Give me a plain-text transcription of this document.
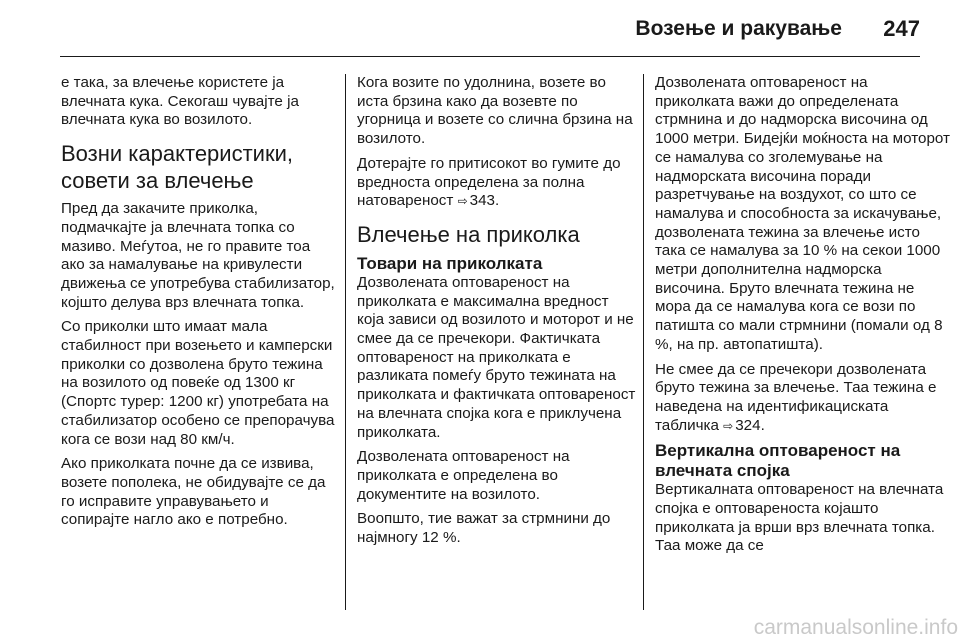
Возење и ракување 247

е така, за влечење користете ја влечната кука. Секогаш чувајте ја влечната кука во возилото.

Возни карактеристики, совети за влечење

Пред да закачите приколка, подмачкајте ја влечната топка со мазиво. Меѓутоа, не го правите тоа ако за намалување на кривулести движења се употребува стабилизатор, којшто делува врз влечната топка.

Со приколки што имаат мала стабилност при возењето и камперски приколки со дозволена бруто тежина на возилото од повеќе од 1300 кг (Спортс турер: 1200 кг) употребата на стабилизатор особено се препорачува кога се вози над 80 км/ч.

Ако приколката почне да се извива, возете пополека, не обидувајте се да го исправите управувањето и сопирајте нагло ако е потребно.

Кога возите по удолнина, возете во иста брзина како да возевте по угорница и возете со слична брзина на возилото.

Дотерајте го притисокот во гумите до вредноста определена за полна натовареност ⇨ 343.

Влечење на приколка
Товари на приколката

Дозволената оптовареност на приколката е максимална вредност која зависи од возилото и моторот и не смее да се пречекори. Фактичката оптовареност на приколката е разликата помеѓу бруто тежината на приколката и фактичката оптовареност на влечната спојка кога е приклучена приколката.

Дозволената оптовареност на приколката е определена во документите на возилото.

Воопшто, тие важат за стрмнини до најмногу 12 %.

Дозволената оптовареност на приколката важи до определената стрмнина и до надморска височина од 1000 метри. Бидејќи моќноста на моторот се намалува со зголемување на надморската височина поради разретчување на воздухот, со што се намалува и способноста за искачување, дозволената тежина за влечење исто така се намалува за 10 % на секои 1000 метри дополнителна надморска височина. Бруто влечната тежина не мора да се намалува кога се вози по патишта со мали стрмнини (помали од 8 %, на пр. автопатишта).

Не смее да се пречекори дозволената бруто тежина за влечење. Таа тежина е наведена на идентификациската табличка ⇨ 324.

Вертикална оптовареност на влечната спојка

Вертикалната оптовареност на влечната спојка е оптовареноста којашто приколката ја врши врз влечната топка. Таа може да се

carmanualsonline.info
